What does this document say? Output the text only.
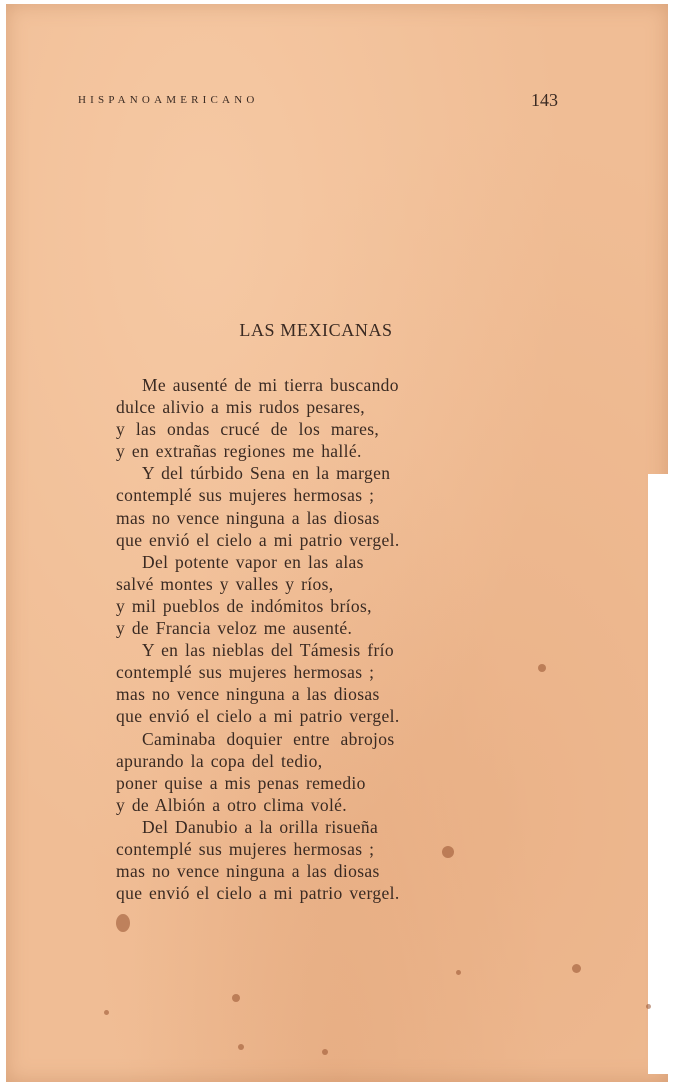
HISPANOAMERICANO	143
LAS MEXICANAS
Me ausenté de mi tierra buscando
dulce alivio a mis rudos pesares,
y las ondas crucé de los mares,
y en extrañas regiones me hallé.
Y del túrbido Sena en la margen
contemplé sus mujeres hermosas ;
mas no vence ninguna a las diosas
que envió el cielo a mi patrio vergel.
Del potente vapor en las alas
salvé montes y valles y ríos,
y mil pueblos de indómitos bríos,
y de Francia veloz me ausenté.
Y en las nieblas del Támesis frío
contemplé sus mujeres hermosas ;
mas no vence ninguna a las diosas
que envió el cielo a mi patrio vergel.
Caminaba doquier entre abrojos
apurando la copa del tedio,
poner quise a mis penas remedio
y de Albión a otro clima volé.
Del Danubio a la orilla risueña
contemplé sus mujeres hermosas ;
mas no vence ninguna a las diosas
que envió el cielo a mi patrio vergel.
